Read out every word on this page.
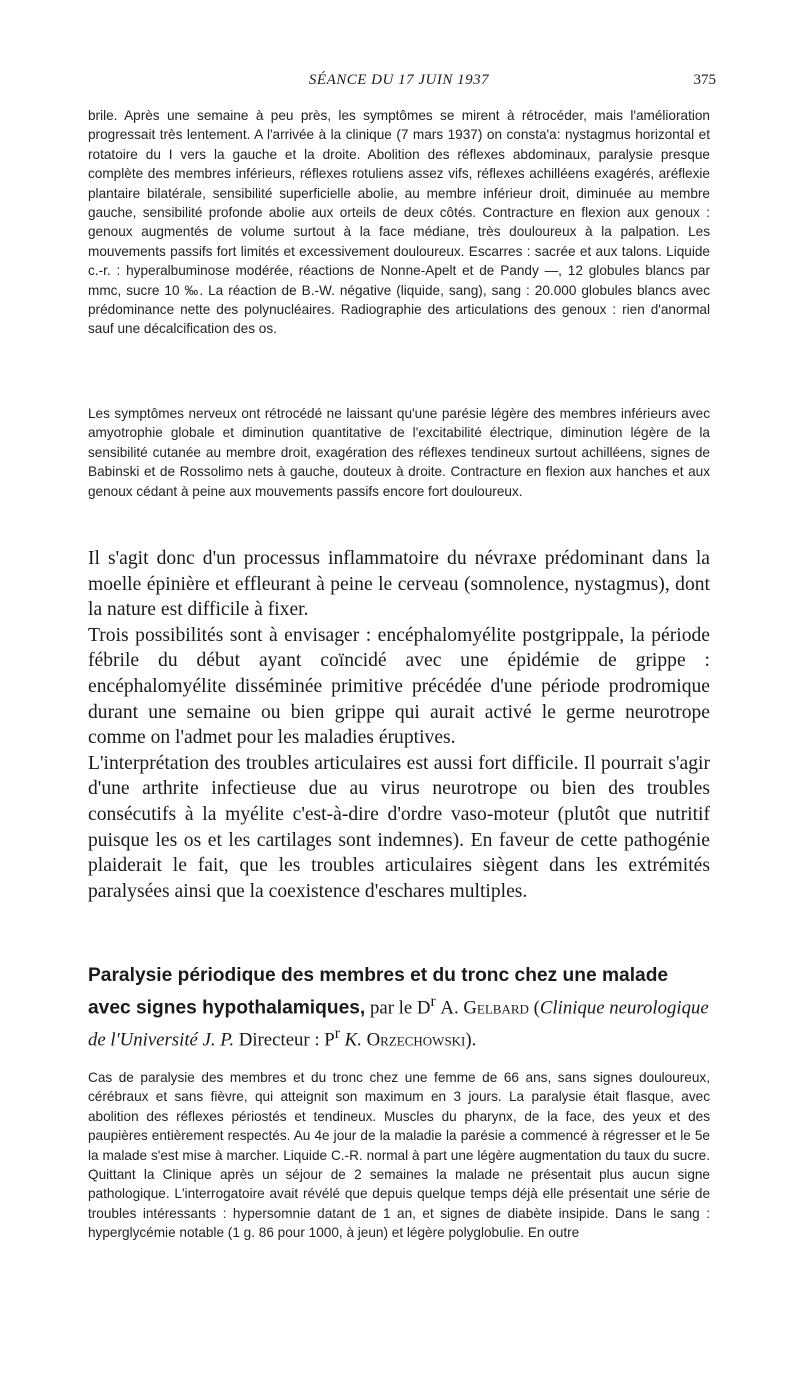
SÉANCE DU 17 JUIN 1937	375

brile. Après une semaine à peu près, les symptômes se mirent à rétrocéder, mais l'amélioration progressait très lentement. A l'arrivée à la clinique (7 mars 1937) on consta'a: nystagmus horizontal et rotatoire du I vers la gauche et la droite. Abolition des réflexes abdominaux, paralysie presque complète des membres inférieurs, réflexes rotuliens assez vifs, réflexes achilléens exagérés, aréflexie plantaire bilatérale, sensibilité superficielle abolie, au membre inférieur droit, diminuée au membre gauche, sensibilité profonde abolie aux orteils de deux côtés. Contracture en flexion aux genoux : genoux augmentés de volume surtout à la face médiane, très douloureux à la palpation. Les mouvements passifs fort limités et excessivement douloureux. Escarres : sacrée et aux talons. Liquide c.-r. : hyperalbuminose modérée, réactions de Nonne-Apelt et de Pandy —, 12 globules blancs par mmc, sucre 10 ‰. La réaction de B.-W. négative (liquide, sang), sang : 20.000 globules blancs avec prédominance nette des polynucléaires. Radiographie des articulations des genoux : rien d'anormal sauf une décalcification des os.

Les symptômes nerveux ont rétrocédé ne laissant qu'une parésie légère des membres inférieurs avec amyotrophie globale et diminution quantitative de l'excitabilité électrique, diminution légère de la sensibilité cutanée au membre droit, exagération des réflexes tendineux surtout achilléens, signes de Babinski et de Rossolimo nets à gauche, douteux à droite. Contracture en flexion aux hanches et aux genoux cédant à peine aux mouvements passifs encore fort douloureux.

Il s'agit donc d'un processus inflammatoire du névraxe prédominant dans la moelle épinière et effleurant à peine le cerveau (somnolence, nystagmus), dont la nature est difficile à fixer.

Trois possibilités sont à envisager : encéphalomyélite postgrippale, la période fébrile du début ayant coïncidé avec une épidémie de grippe : encéphalomyélite disséminée primitive précédée d'une période prodromique durant une semaine ou bien grippe qui aurait activé le germe neurotrope comme on l'admet pour les maladies éruptives.

L'interprétation des troubles articulaires est aussi fort difficile. Il pourrait s'agir d'une arthrite infectieuse due au virus neurotrope ou bien des troubles consécutifs à la myélite c'est-à-dire d'ordre vaso-moteur (plutôt que nutritif puisque les os et les cartilages sont indemnes). En faveur de cette pathogénie plaiderait le fait, que les troubles articulaires siègent dans les extrémités paralysées ainsi que la coexistence d'eschares multiples.

Paralysie périodique des membres et du tronc chez une malade avec signes hypothalamiques, par le $D^r$ A. Gelbard (Clinique neurologique de l'Université J. P. Directeur : $P^r$ K. Orzechowski).

Cas de paralysie des membres et du tronc chez une femme de 66 ans, sans signes douloureux, cérébraux et sans fièvre, qui atteignit son maximum en 3 jours. La paralysie était flasque, avec abolition des réflexes périostés et tendineux. Muscles du pharynx, de la face, des yeux et des paupières entièrement respectés. Au 4e jour de la maladie la parésie a commencé à régresser et le 5e la malade s'est mise à marcher. Liquide C.-R. normal à part une légère augmentation du taux du sucre. Quittant la Clinique après un séjour de 2 semaines la malade ne présentait plus aucun signe pathologique. L'interrogatoire avait révélé que depuis quelque temps déjà elle présentait une série de troubles intéressants : hypersomnie datant de 1 an, et signes de diabète insipide. Dans le sang : hyperglycémie notable (1 g. 86 pour 1000, à jeun) et légère polyglobulie. En outre
